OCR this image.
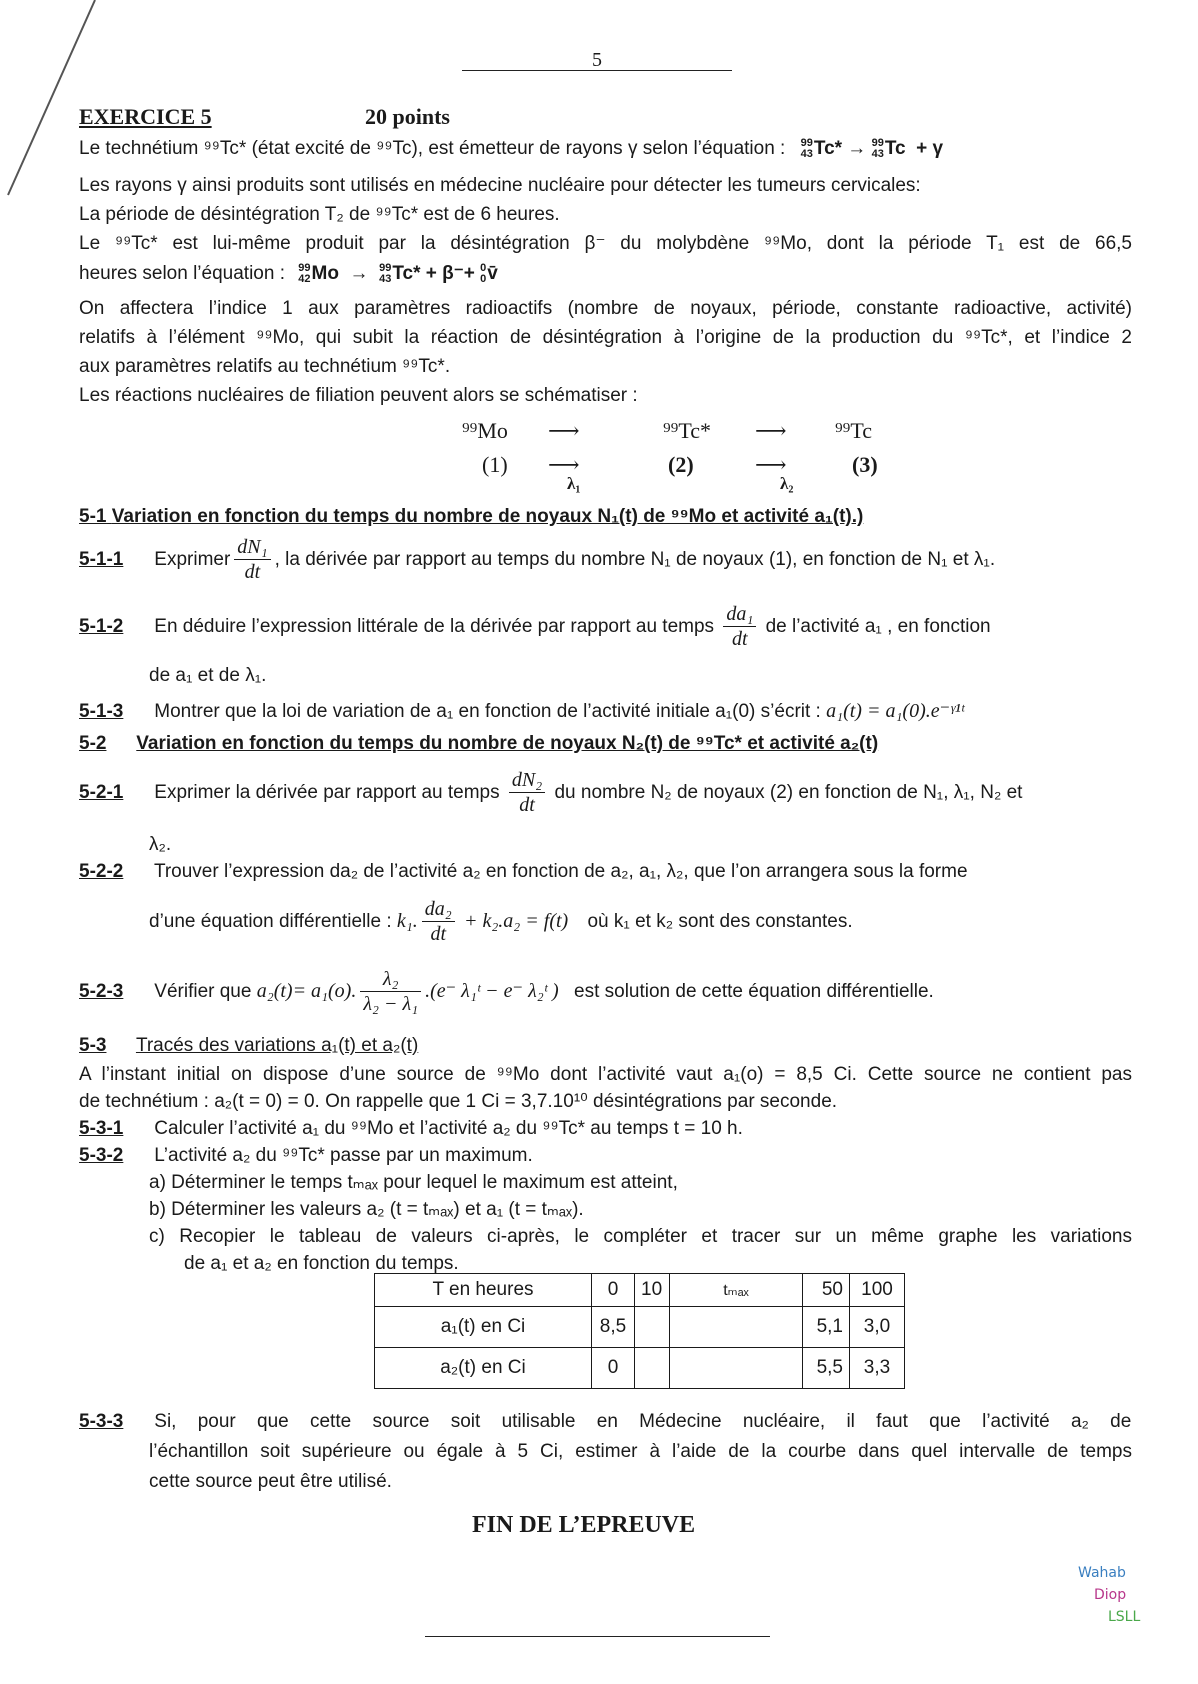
5
EXERCICE 5	20 points
Le technétium ⁹⁹Tc* (état excité de ⁹⁹Tc), est émetteur de rayons γ selon l’équation : 99
43 Tc* → 99
43 Tc  + γ
Les rayons γ ainsi produits sont utilisés en médecine nucléaire pour détecter les tumeurs cervicales:
La période de désintégration T₂ de ⁹⁹Tc* est de 6 heures.
Le ⁹⁹Tc* est lui-même produit par la désintégration β⁻ du molybdène ⁹⁹Mo, dont la période T₁ est de 66,5
heures selon l’équation : 99
42 Mo  → 99
43 Tc* + β⁻+ 0
0 v̄
On affectera l’indice 1 aux paramètres radioactifs (nombre de noyaux, période, constante radioactive, activité)
relatifs à l’élément ⁹⁹Mo, qui subit la réaction de désintégration à l’origine de la production du ⁹⁹Tc*, et l’indice 2
aux paramètres relatifs au technétium ⁹⁹Tc*.
Les réactions nucléaires de filiation peuvent alors se schématiser :
⁹⁹Mo ⟶	⁹⁹Tc* ⟶ ⁹⁹Tc
(1) ⟶	(2)	⟶	(3)
λ₁	λ₂
5-1 Variation en fonction du temps du nombre de noyaux N₁(t) de ⁹⁹Mo et activité a₁(t).)
5-1-1 Exprimer $\frac{\text{dN₁}}{dt}$ , la dérivée par rapport au temps du nombre N₁ de noyaux (1), en fonction de N₁ et λ₁.
5-1-2 En déduire l’expression littérale de la dérivée par rapport au temps $\frac{\text{da₁}}{dt}$ de l’activité a₁ , en fonction
de a₁ et de λ₁.
5-1-3 Montrer que la loi de variation de a₁ en fonction de l’activité initiale a₁(0) s’écrit : a₁(t) = a₁(0).e⁻ᵞ¹ᵗ
5-2 Variation en fonction du temps du nombre de noyaux N₂(t) de ⁹⁹Tc* et activité a₂(t)
5-2-1 Exprimer la dérivée par rapport au temps $\frac{\text{dN₂}}{dt}$ du nombre N₂ de noyaux (2) en fonction de N₁, λ₁, N₂ et
λ₂.
5-2-2 Trouver l’expression da₂ de l’activité a₂ en fonction de a₂, a₁, λ₂, que l’on arrangera sous la forme
d’une équation différentielle : k₁. $\frac{\text{da₂}}{dt} + k_2.a_2 = f(t)$ où k₁ et k₂ sont des constantes.
5-2-3 Vérifier que a₂(t)= a₁(o). $\frac{\text{λ₂}}{\text{λ₂ − λ₁}} .(e^-$ λ₁ᵗ − e⁻ λ₂ᵗ ) est solution de cette équation différentielle.
5-3 Tracés des variations a₁(t) et a₂(t)
A l’instant initial on dispose d’une source de ⁹⁹Mo dont l’activité vaut a₁(o) = 8,5 Ci. Cette source ne contient pas
de technétium : a₂(t = 0) = 0. On rappelle que 1 Ci = 3,7.10¹⁰ désintégrations par seconde.
5-3-1 Calculer l’activité a₁ du ⁹⁹Mo et l’activité a₂ du ⁹⁹Tc* au temps t = 10 h.
5-3-2 L’activité a₂ du ⁹⁹Tc* passe par un maximum.
a) Déterminer le temps tₘₐₓ pour lequel le maximum est atteint,
b) Déterminer les valeurs a₂ (t = tₘₐₓ) et a₁ (t = tₘₐₓ).
c) Recopier le tableau de valeurs ci-après, le compléter et tracer sur un même graphe les variations
de a₁ et a₂ en fonction du temps.
T en heures	0	10	tₘₐₓ	50	100
a₁(t) en Ci	8,5			5,1	3,0
a₂(t) en Ci	0			5,5	3,3
5-3-3 Si, pour que cette source soit utilisable en Médecine nucléaire, il faut que l’activité a₂ de
l’échantillon soit supérieure ou égale à 5 Ci, estimer à l’aide de la courbe dans quel intervalle de temps
cette source peut être utilisé.
FIN DE L’EPREUVE
Wahab
Diop
LSLL
